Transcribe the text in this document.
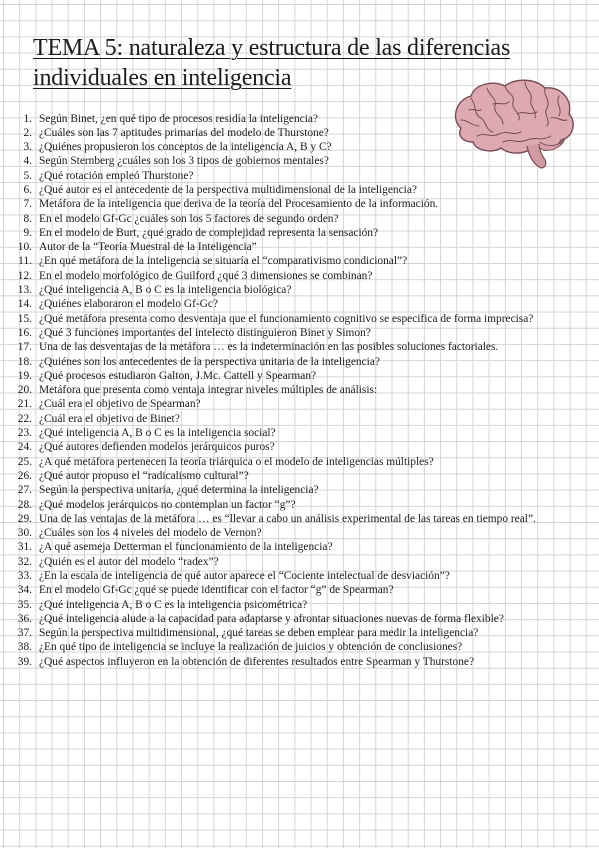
TEMA 5: naturaleza y estructura de las diferencias individuales en inteligencia
1. Según Binet, ¿en qué tipo de procesos residía la inteligencia?
2. ¿Cuáles son las 7 aptitudes primarias del modelo de Thurstone?
3. ¿Quiénes propusieron los conceptos de la inteligencia A, B y C?
4. Según Sternberg ¿cuáles son los 3 tipos de gobiernos mentales?
5. ¿Qué rotación empleó Thurstone?
6. ¿Qué autor es el antecedente de la perspectiva multidimensional de la inteligencia?
7. Metáfora de la inteligencia que deriva de la teoría del Procesamiento de la información.
8. En el modelo Gf-Gc ¿cuáles son los 5 factores de segundo orden?
9. En el modelo de Burt, ¿qué grado de complejidad representa la sensación?
10. Autor de la “Teoría Muestral de la Inteligencia”
11. ¿En qué metáfora de la inteligencia se situaría el “comparativismo condicional”?
12. En el modelo morfológico de Guilford ¿qué 3 dimensiones se combinan?
13. ¿Qué inteligencia A, B o C es la inteligencia biológica?
14. ¿Quiénes elaboraron el modelo Gf-Gc?
15. ¿Qué metáfora presenta como desventaja que el funcionamiento cognitivo se especifica de forma imprecisa?
16. ¿Qué 3 funciones importantes del intelecto distinguieron Binet y Simon?
17. Una de las desventajas de la metáfora … es la indeterminación en las posibles soluciones factoriales.
18. ¿Quiénes son los antecedentes de la perspectiva unitaria de la inteligencia?
19. ¿Qué procesos estudiaron Galton, J.Mc. Cattell y Spearman?
20. Metáfora que presenta como ventaja integrar niveles múltiples de análisis:
21. ¿Cuál era el objetivo de Spearman?
22. ¿Cuál era el objetivo de Binet?
23. ¿Qué inteligencia A, B o C es la inteligencia social?
24. ¿Qué autores defienden modelos jerárquicos puros?
25. ¿A qué metáfora pertenecen la teoría triárquica o el modelo de inteligencias múltiples?
26. ¿Qué autor propuso el “radicalismo cultural”?
27. Según la perspectiva unitaria, ¿qué determina la inteligencia?
28. ¿Qué modelos jerárquicos no contemplan un factor “g”?
29. Una de las ventajas de la metáfora … es “llevar a cabo un análisis experimental de las tareas en tiempo real”.
30. ¿Cuáles son los 4 niveles del modelo de Vernon?
31. ¿A qué asemeja Detterman el funcionamiento de la inteligencia?
32. ¿Quién es el autor del modelo “radex”?
33. ¿En la escala de inteligencia de qué autor aparece el “Cociente intelectual de desviación”?
34. En el modelo Gf-Gc ¿qué se puede identificar con el factor “g” de Spearman?
35. ¿Qué inteligencia A, B o C es la inteligencia psicométrica?
36. ¿Qué inteligencia alude a la capacidad para adaptarse y afrontar situaciones nuevas de forma flexible?
37. Según la perspectiva multidimensional, ¿qué tareas se deben emplear para medir la inteligencia?
38. ¿En qué tipo de inteligencia se incluye la realización de juicios y obtención de conclusiones?
39. ¿Qué aspectos influyeron en la obtención de diferentes resultados entre Spearman y Thurstone?
